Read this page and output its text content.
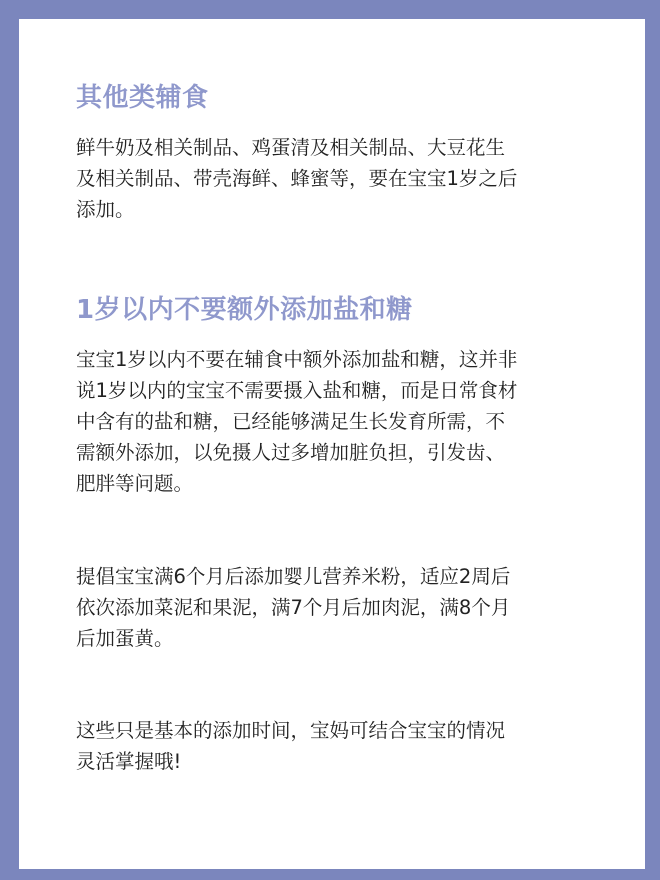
其他类辅食

鲜牛奶及相关制品、鸡蛋清及相关制品、大豆花生
及相关制品、带壳海鲜、蜂蜜等，要在宝宝1岁之后
添加。

1岁以内不要额外添加盐和糖

宝宝1岁以内不要在辅食中额外添加盐和糖，这并非
说1岁以内的宝宝不需要摄入盐和糖，而是日常食材
中含有的盐和糖，已经能够满足生长发育所需，不
需额外添加，以免摄人过多增加脏负担，引发齿、
肥胖等问题。

提倡宝宝满6个月后添加婴儿营养米粉，适应2周后
依次添加菜泥和果泥，满7个月后加肉泥，满8个月
后加蛋黄。

这些只是基本的添加时间，宝妈可结合宝宝的情况
灵活掌握哦!
